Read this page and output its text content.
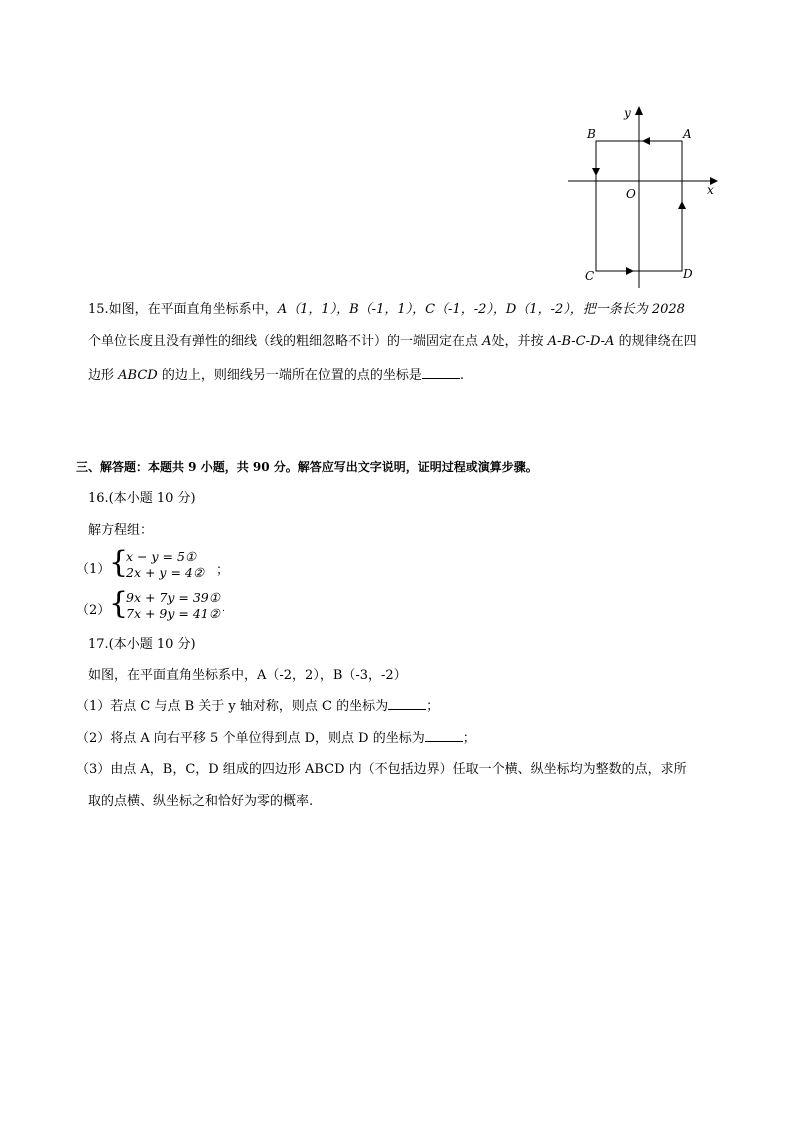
y
x
O
B	A
C	D
15.如图，在平面直角坐标系中，A（1，1），B（-1，1），C（-1，-2），D（1，-2），把一条长为 2028
个单位长度且没有弹性的细线（线的粗细忽略不计）的一端固定在点 A处，并按 A-B-C-D-A 的规律绕在四
边形 ABCD 的边上，则细线另一端所在位置的点的坐标是	.
三、解答题：本题共 9 小题，共 90 分。解答应写出文字说明，证明过程或演算步骤。
16.(本小题 10 分)
解方程组：
（1）
{
x − y = 5①
2x + y = 4② ；
（2）
{
9x + 7y = 39①
7x + 9y = 41② .
17.(本小题 10 分)
如图，在平面直角坐标系中，A（-2，2），B（-3，-2）
（1）若点 C 与点 B 关于 y 轴对称，则点 C 的坐标为	；
（2）将点 A 向右平移 5 个单位得到点 D，则点 D 的坐标为	；
（3）由点 A，B，C，D 组成的四边形 ABCD 内（不包括边界）任取一个横、纵坐标均为整数的点，求所
取的点横、纵坐标之和恰好为零的概率.
